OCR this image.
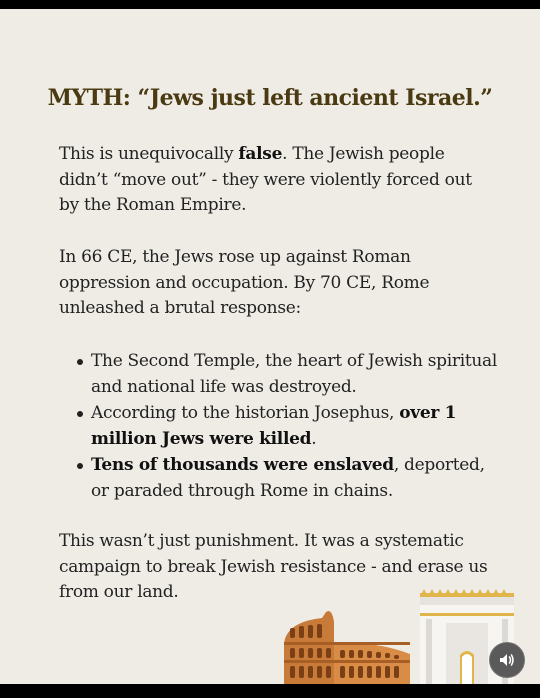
MYTH: “Jews just left ancient Israel.”
This is unequivocally false. The Jewish people didn’t “move out” - they were violently forced out by the Roman Empire.
In 66 CE, the Jews rose up against Roman oppression and occupation. By 70 CE, Rome unleashed a brutal response:
The Second Temple, the heart of Jewish spiritual and national life was destroyed.
According to the historian Josephus, over 1 million Jews were killed.
Tens of thousands were enslaved, deported, or paraded through Rome in chains.
This wasn’t just punishment. It was a systematic campaign to break Jewish resistance - and erase us from our land.
